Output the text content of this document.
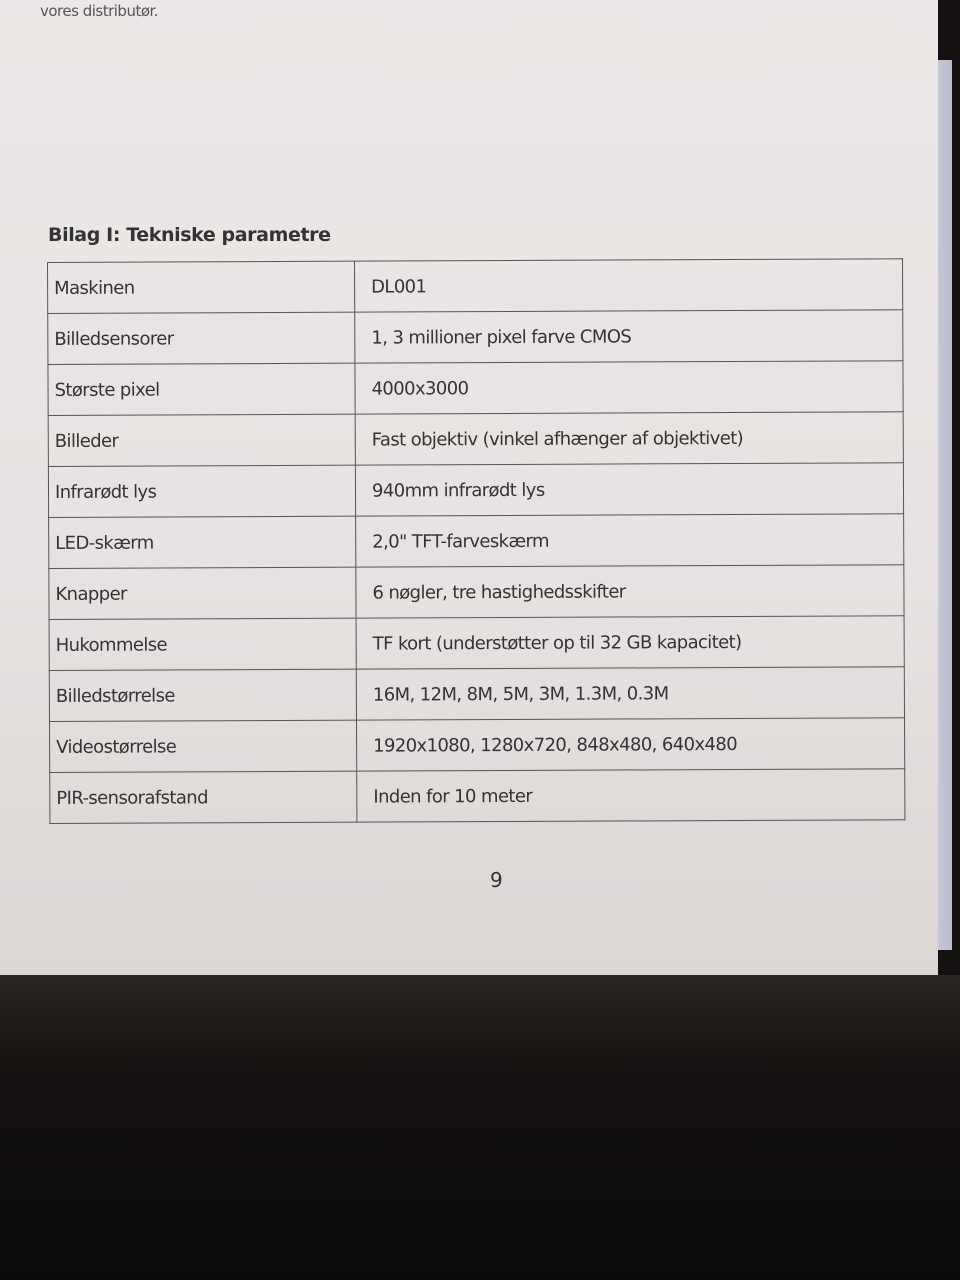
vores distributør.
Bilag I: Tekniske parametre
Maskinen	DL001
Billedsensorer	1, 3 millioner pixel farve CMOS
Største pixel	4000x3000
Billeder	Fast objektiv (vinkel afhænger af objektivet)
Infrarødt lys	940mm infrarødt lys
LED-skærm	2,0" TFT-farveskærm
Knapper	6 nøgler, tre hastighedsskifter
Hukommelse	TF kort (understøtter op til 32 GB kapacitet)
Billedstørrelse	16M, 12M, 8M, 5M, 3M, 1.3M, 0.3M
Videostørrelse	1920x1080, 1280x720, 848x480, 640x480
PIR-sensorafstand	Inden for 10 meter
9
